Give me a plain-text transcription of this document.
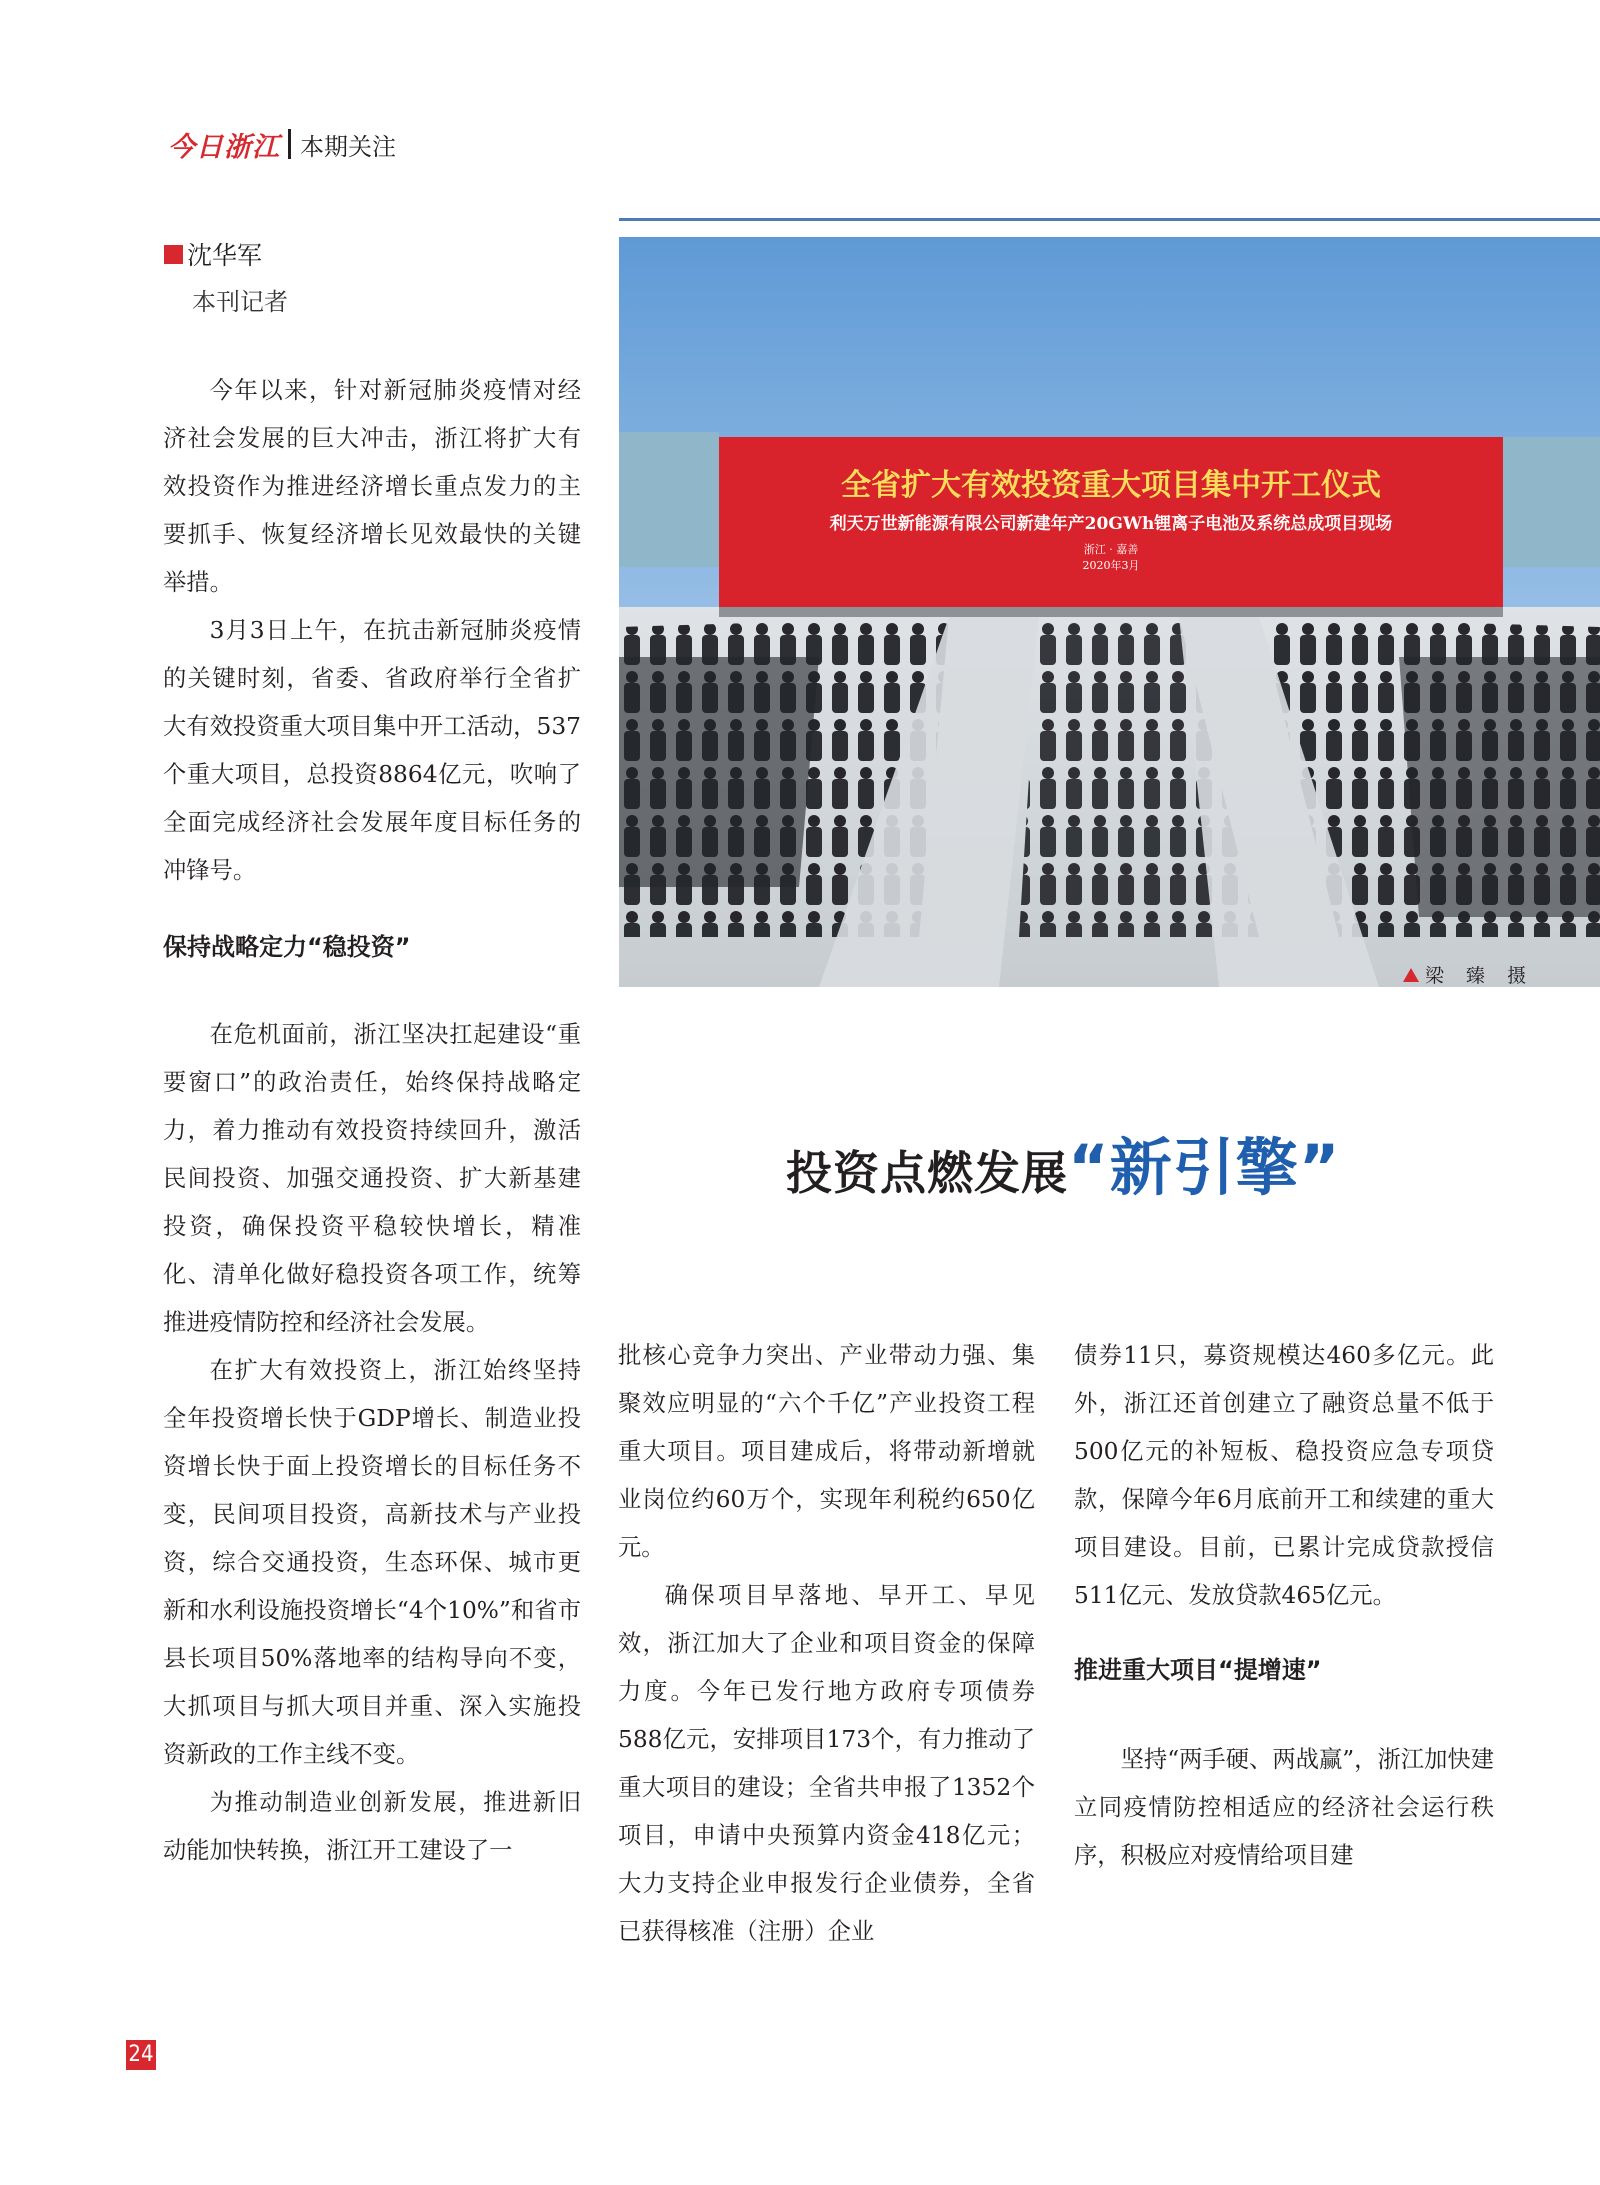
今日浙江 本期关注
沈华军
本刊记者
全省扩大有效投资重大项目集中开工仪式
利天万世新能源有限公司新建年产20GWh锂离子电池及系统总成项目现场
浙江 · 嘉善
2020年3月
梁 臻 摄
投资点燃发展 “新引擎”

今年以来，针对新冠肺炎疫情对经济社会发展的巨大冲击，浙江将扩大有效投资作为推进经济增长重点发力的主要抓手、恢复经济增长见效最快的关键举措。

3月3日上午，在抗击新冠肺炎疫情的关键时刻，省委、省政府举行全省扩大有效投资重大项目集中开工活动，537个重大项目，总投资8864亿元，吹响了全面完成经济社会发展年度目标任务的冲锋号。

保持战略定力“稳投资”

在危机面前，浙江坚决扛起建设“重要窗口”的政治责任，始终保持战略定力，着力推动有效投资持续回升，激活民间投资、加强交通投资、扩大新基建投资，确保投资平稳较快增长，精准化、清单化做好稳投资各项工作，统筹推进疫情防控和经济社会发展。

在扩大有效投资上，浙江始终坚持全年投资增长快于GDP增长、制造业投资增长快于面上投资增长的目标任务不变，民间项目投资，高新技术与产业投资，综合交通投资，生态环保、城市更新和水利设施投资增长“4个10%”和省市县长项目50%落地率的结构导向不变，大抓项目与抓大项目并重、深入实施投资新政的工作主线不变。

为推动制造业创新发展，推进新旧动能加快转换，浙江开工建设了一

批核心竞争力突出、产业带动力强、集聚效应明显的“六个千亿”产业投资工程重大项目。项目建成后，将带动新增就业岗位约60万个，实现年利税约650亿元。

确保项目早落地、早开工、早见效，浙江加大了企业和项目资金的保障力度。今年已发行地方政府专项债券588亿元，安排项目173个，有力推动了重大项目的建设；全省共申报了1352个项目，申请中央预算内资金418亿元；大力支持企业申报发行企业债券，全省已获得核准（注册）企业

债券11只，募资规模达460多亿元。此外，浙江还首创建立了融资总量不低于500亿元的补短板、稳投资应急专项贷款，保障今年6月底前开工和续建的重大项目建设。目前，已累计完成贷款授信511亿元、发放贷款465亿元。

推进重大项目“提增速”

坚持“两手硬、两战赢”，浙江加快建立同疫情防控相适应的经济社会运行秩序，积极应对疫情给项目建

24
